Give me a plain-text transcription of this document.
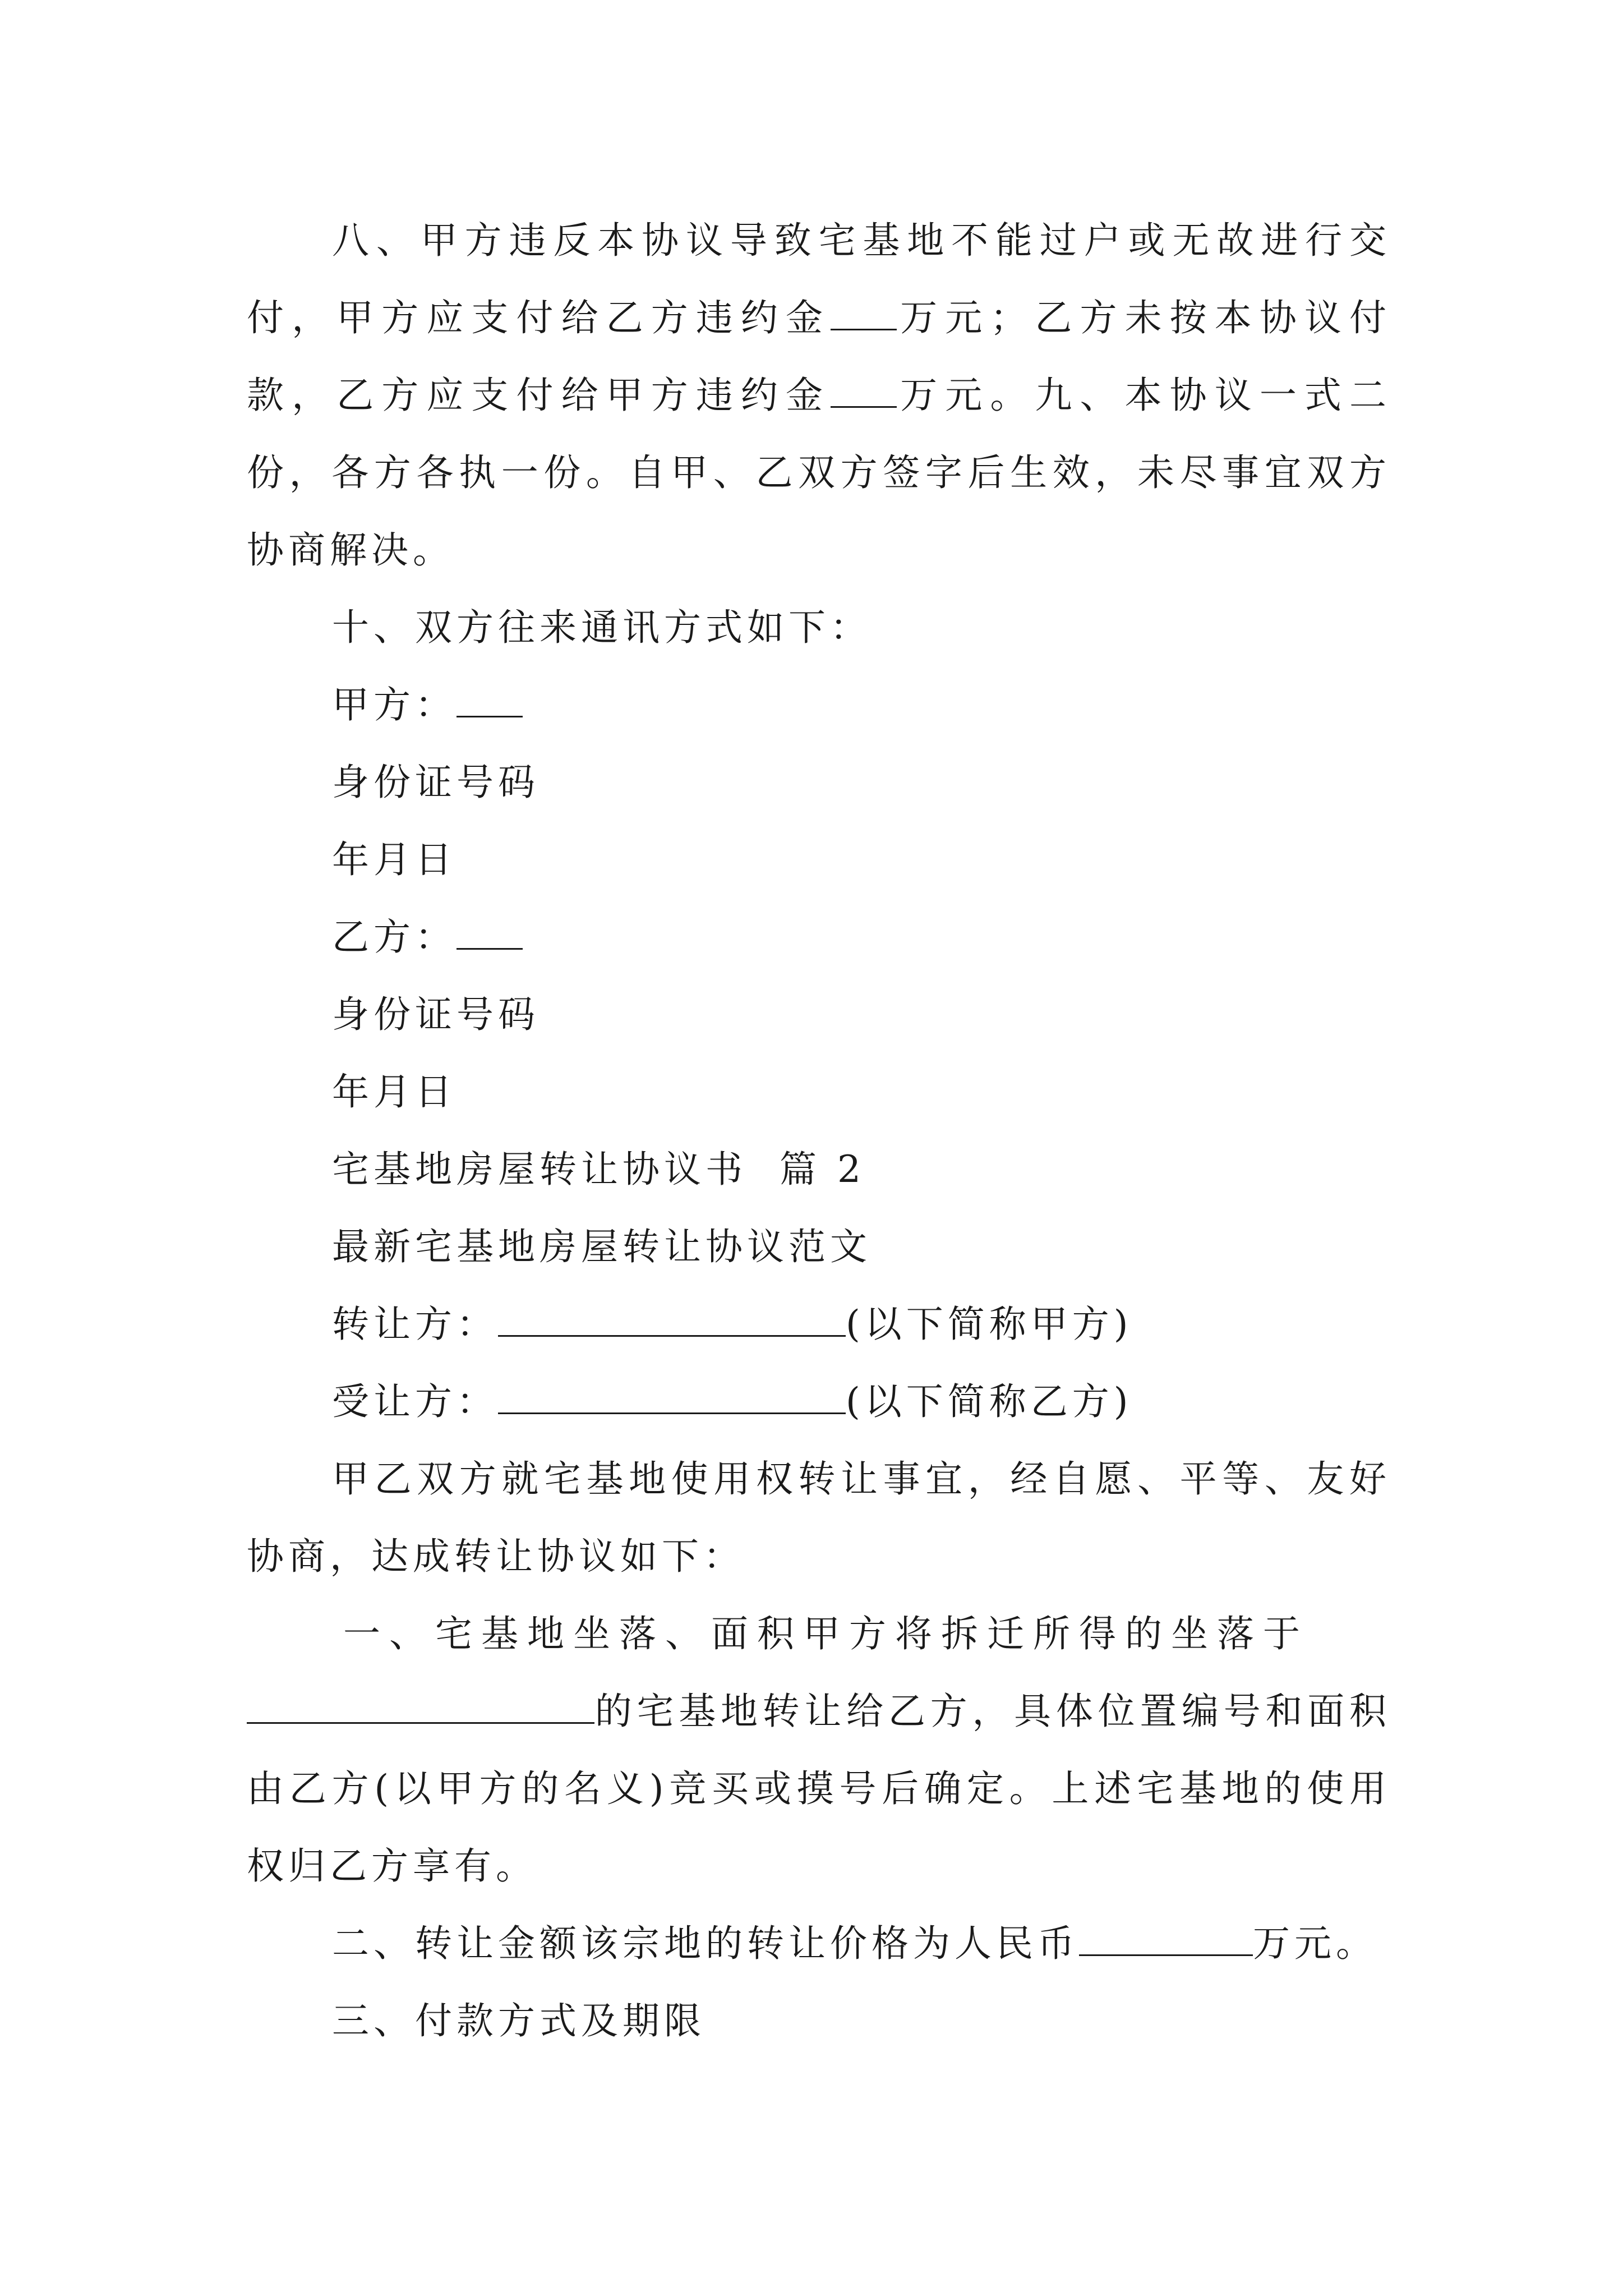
八、甲方违反本协议导致宅基地不能过户或无故进行交付，甲方应支付给乙方违约金 万元；乙方未按本协议付款，乙方应支付给甲方违约金 万元。九、本协议一式二份，各方各执一份。自甲、乙双方签字后生效，未尽事宜双方协商解决。

十、双方往来通讯方式如下：

甲方：

身份证号码

年月日

乙方：

身份证号码

年月日

宅基地房屋转让协议书  篇 2

最新宅基地房屋转让协议范文

转让方：	(以下简称甲方)

受让方：	(以下简称乙方)

甲乙双方就宅基地使用权转让事宜，经自愿、平等、友好协商，达成转让协议如下：

一、宅基地坐落、面积甲方将拆迁所得的坐落于

的宅基地转让给乙方，具体位置编号和面积由乙方(以甲方的名义)竞买或摸号后确定。上述宅基地的使用权归乙方享有。

二、转让金额该宗地的转让价格为人民币	万元。

三、付款方式及期限
